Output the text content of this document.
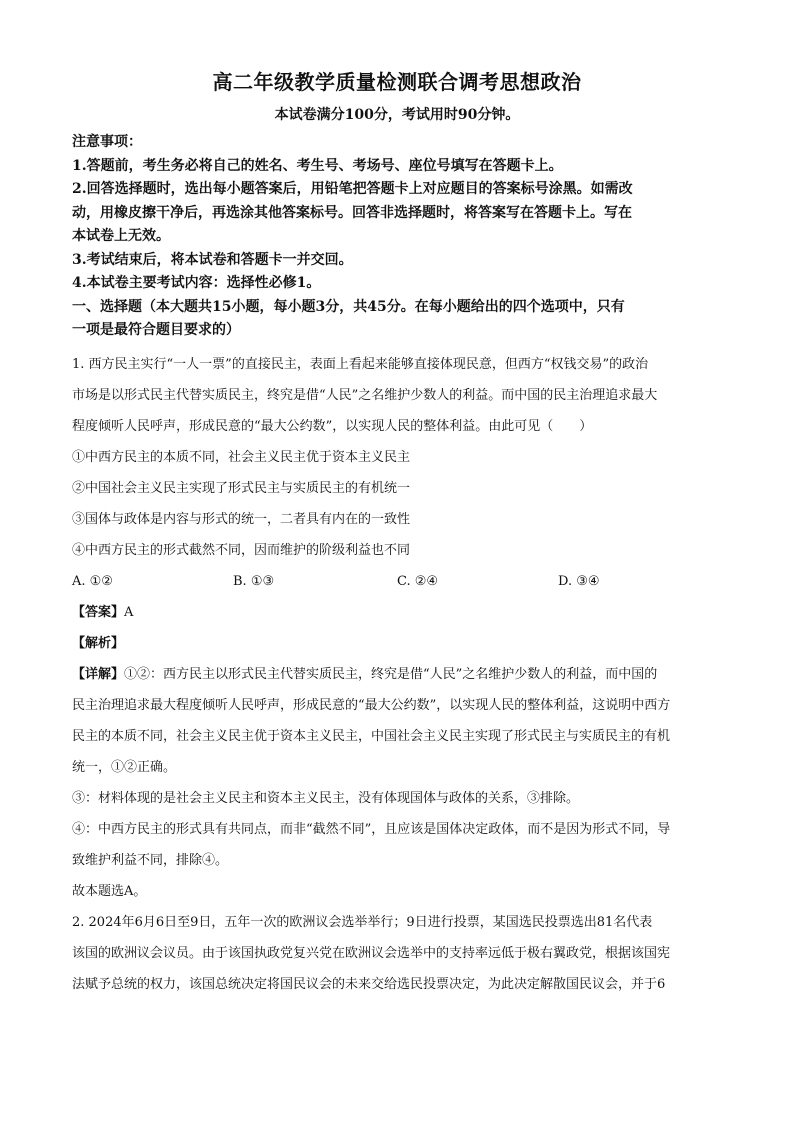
高二年级教学质量检测联合调考思想政治
本试卷满分100分，考试用时90分钟。
注意事项：
1.答题前，考生务必将自己的姓名、考生号、考场号、座位号填写在答题卡上。
2.回答选择题时，选出每小题答案后，用铅笔把答题卡上对应题目的答案标号涂黑。如需改
动，用橡皮擦干净后，再选涂其他答案标号。回答非选择题时，将答案写在答题卡上。写在
本试卷上无效。
3.考试结束后，将本试卷和答题卡一并交回。
4.本试卷主要考试内容：选择性必修1。
一、选择题（本大题共15小题，每小题3分，共45分。在每小题给出的四个选项中，只有
一项是最符合题目要求的）
1. 西方民主实行“一人一票”的直接民主，表面上看起来能够直接体现民意，但西方“权钱交易”的政治
市场是以形式民主代替实质民主，终究是借“人民”之名维护少数人的利益。而中国的民主治理追求最大
程度倾听人民呼声，形成民意的“最大公约数”，以实现人民的整体利益。由此可见（　　）
①中西方民主的本质不同，社会主义民主优于资本主义民主
②中国社会主义民主实现了形式民主与实质民主的有机统一
③国体与政体是内容与形式的统一，二者具有内在的一致性
④中西方民主的形式截然不同，因而维护的阶级利益也不同
A. ①②	B. ①③	C. ②④	D. ③④
【答案】A
【解析】
【详解】①②：西方民主以形式民主代替实质民主，终究是借“人民”之名维护少数人的利益，而中国的
民主治理追求最大程度倾听人民呼声，形成民意的“最大公约数”，以实现人民的整体利益，这说明中西方
民主的本质不同，社会主义民主优于资本主义民主，中国社会主义民主实现了形式民主与实质民主的有机
统一，①②正确。
③：材料体现的是社会主义民主和资本主义民主，没有体现国体与政体的关系，③排除。
④：中西方民主的形式具有共同点，而非“截然不同”，且应该是国体决定政体，而不是因为形式不同，导
致维护利益不同，排除④。
故本题选A。
2. 2024年6月6日至9日，五年一次的欧洲议会选举举行；9日进行投票，某国选民投票选出81名代表
该国的欧洲议会议员。由于该国执政党复兴党在欧洲议会选举中的支持率远低于极右翼政党，根据该国宪
法赋予总统的权力，该国总统决定将国民议会的未来交给选民投票决定，为此决定解散国民议会，并于6
